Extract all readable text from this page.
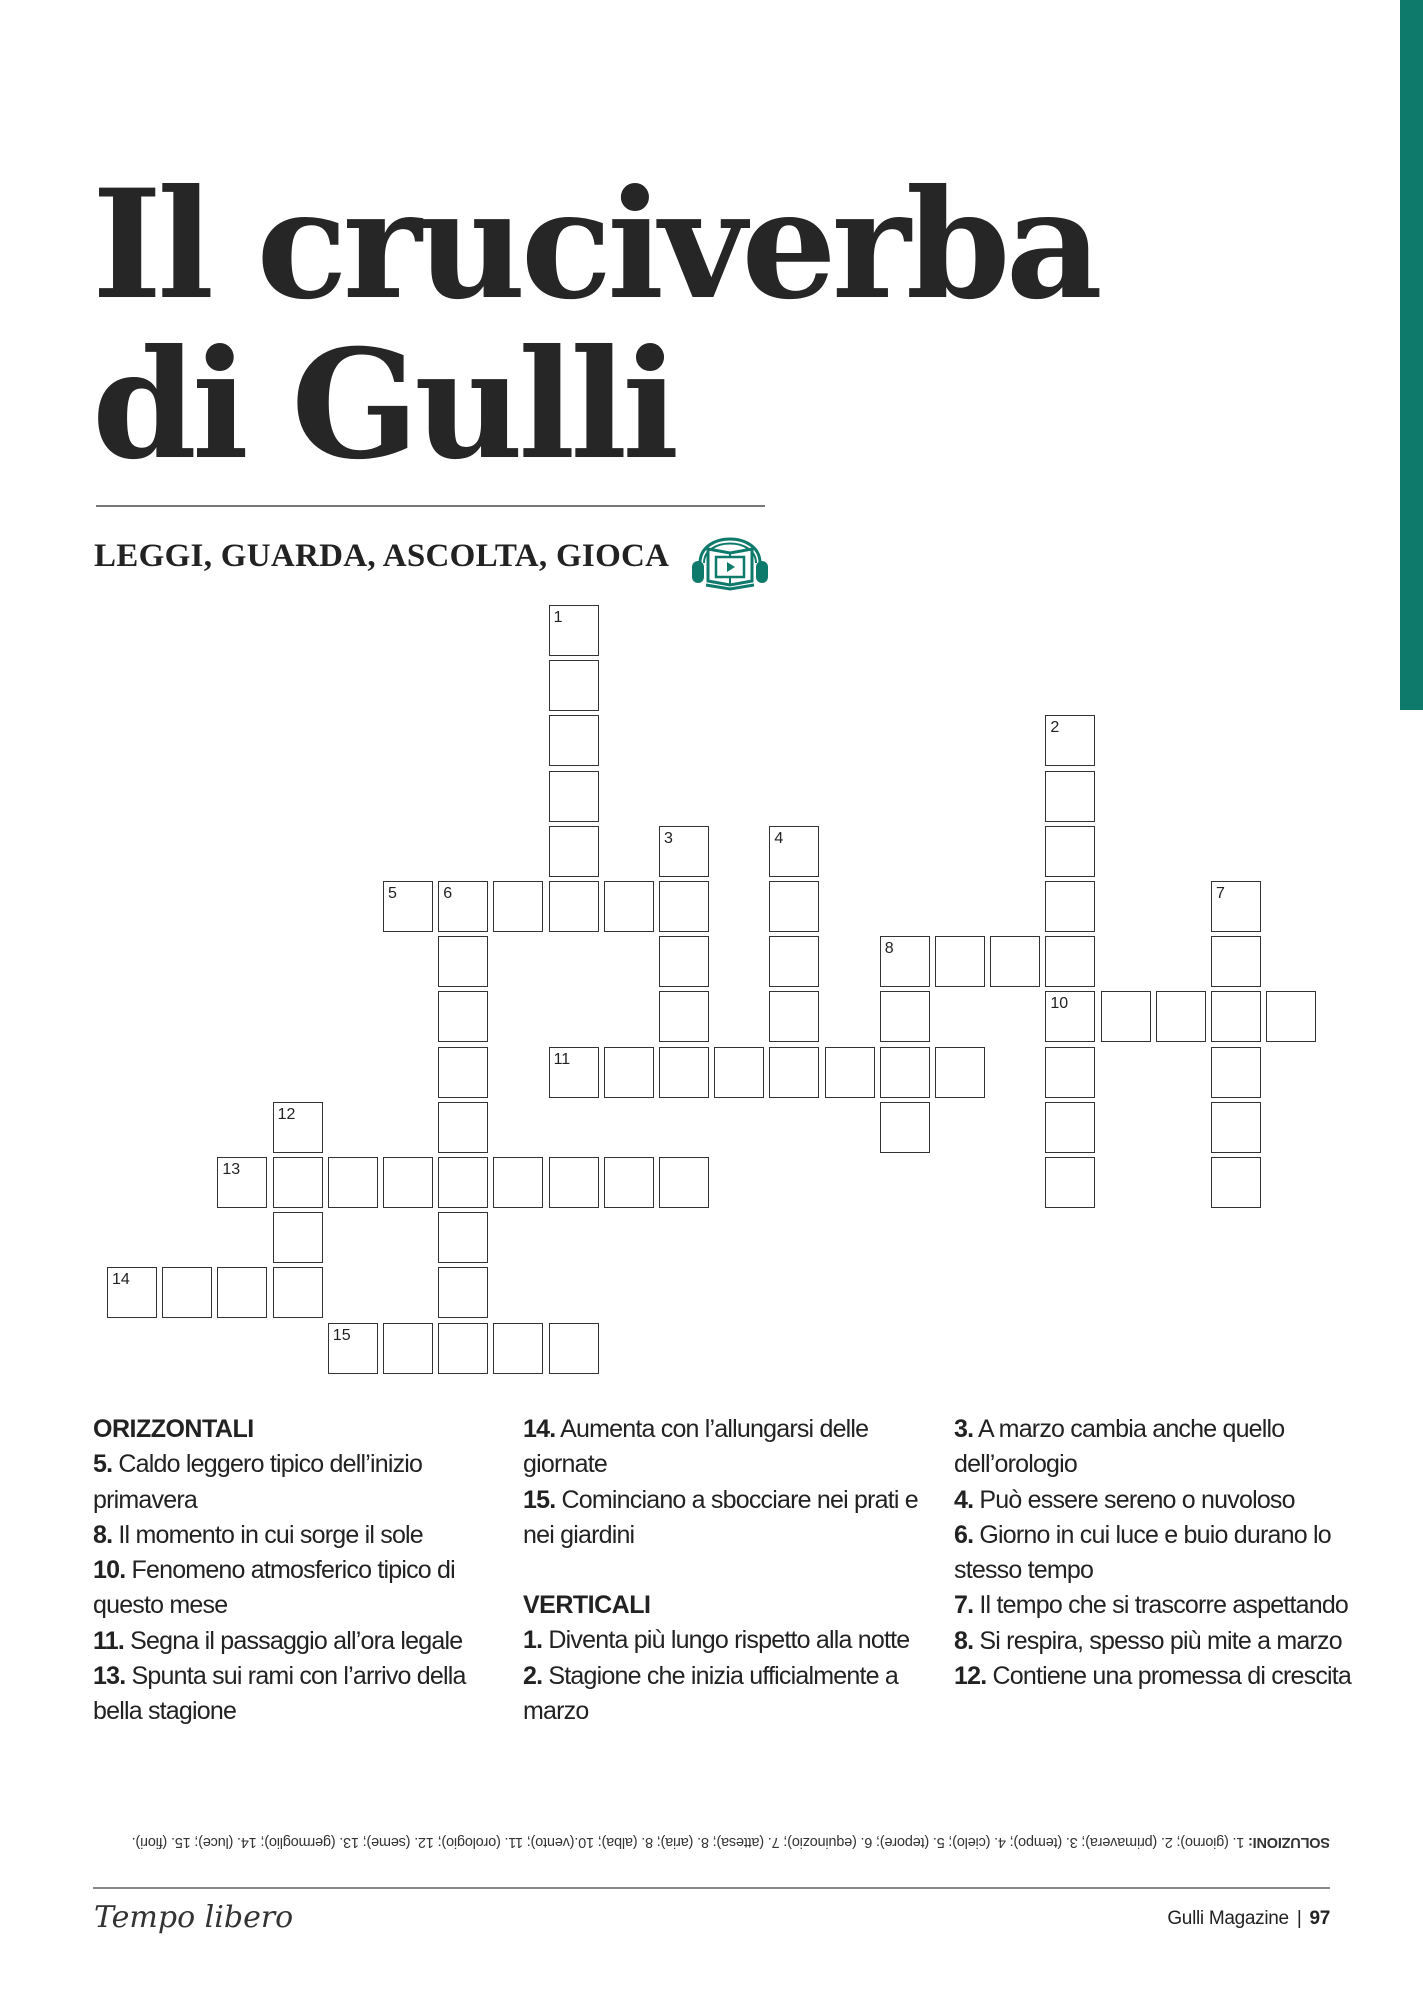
Il cruciverba
di Gulli
LEGGI, GUARDA, ASCOLTA, GIOCA
1
2
10
3	4
5	6	7
8
11
12
13
14
15
ORIZZONTALI
5. Caldo leggero tipico dell’inizio primavera
8. Il momento in cui sorge il sole
10. Fenomeno atmosferico tipico di questo mese
11. Segna il passaggio all’ora legale
13. Spunta sui rami con l’arrivo della bella stagione
14. Aumenta con l’allungarsi delle giornate
15. Cominciano a sbocciare nei prati e nei giardini
VERTICALI
1. Diventa più lungo rispetto alla notte
2. Stagione che inizia ufficialmente a marzo
3. A marzo cambia anche quello dell’orologio
4. Può essere sereno o nuvoloso
6. Giorno in cui luce e buio durano lo stesso tempo
7. Il tempo che si trascorre aspettando
8. Si respira, spesso più mite a marzo
12. Contiene una promessa di crescita
SOLUZIONI: 1. (giorno); 2. (primavera); 3. (tempo); 4. (cielo); 5. (tepore); 6. (equinozio); 7. (attesa); 8. (aria); 8. (alba); 10.(vento); 11. (orologio); 12. (seme); 13. (germoglio); 14. (luce); 15. (fiori).
Tempo libero	Gulli Magazine | 97
